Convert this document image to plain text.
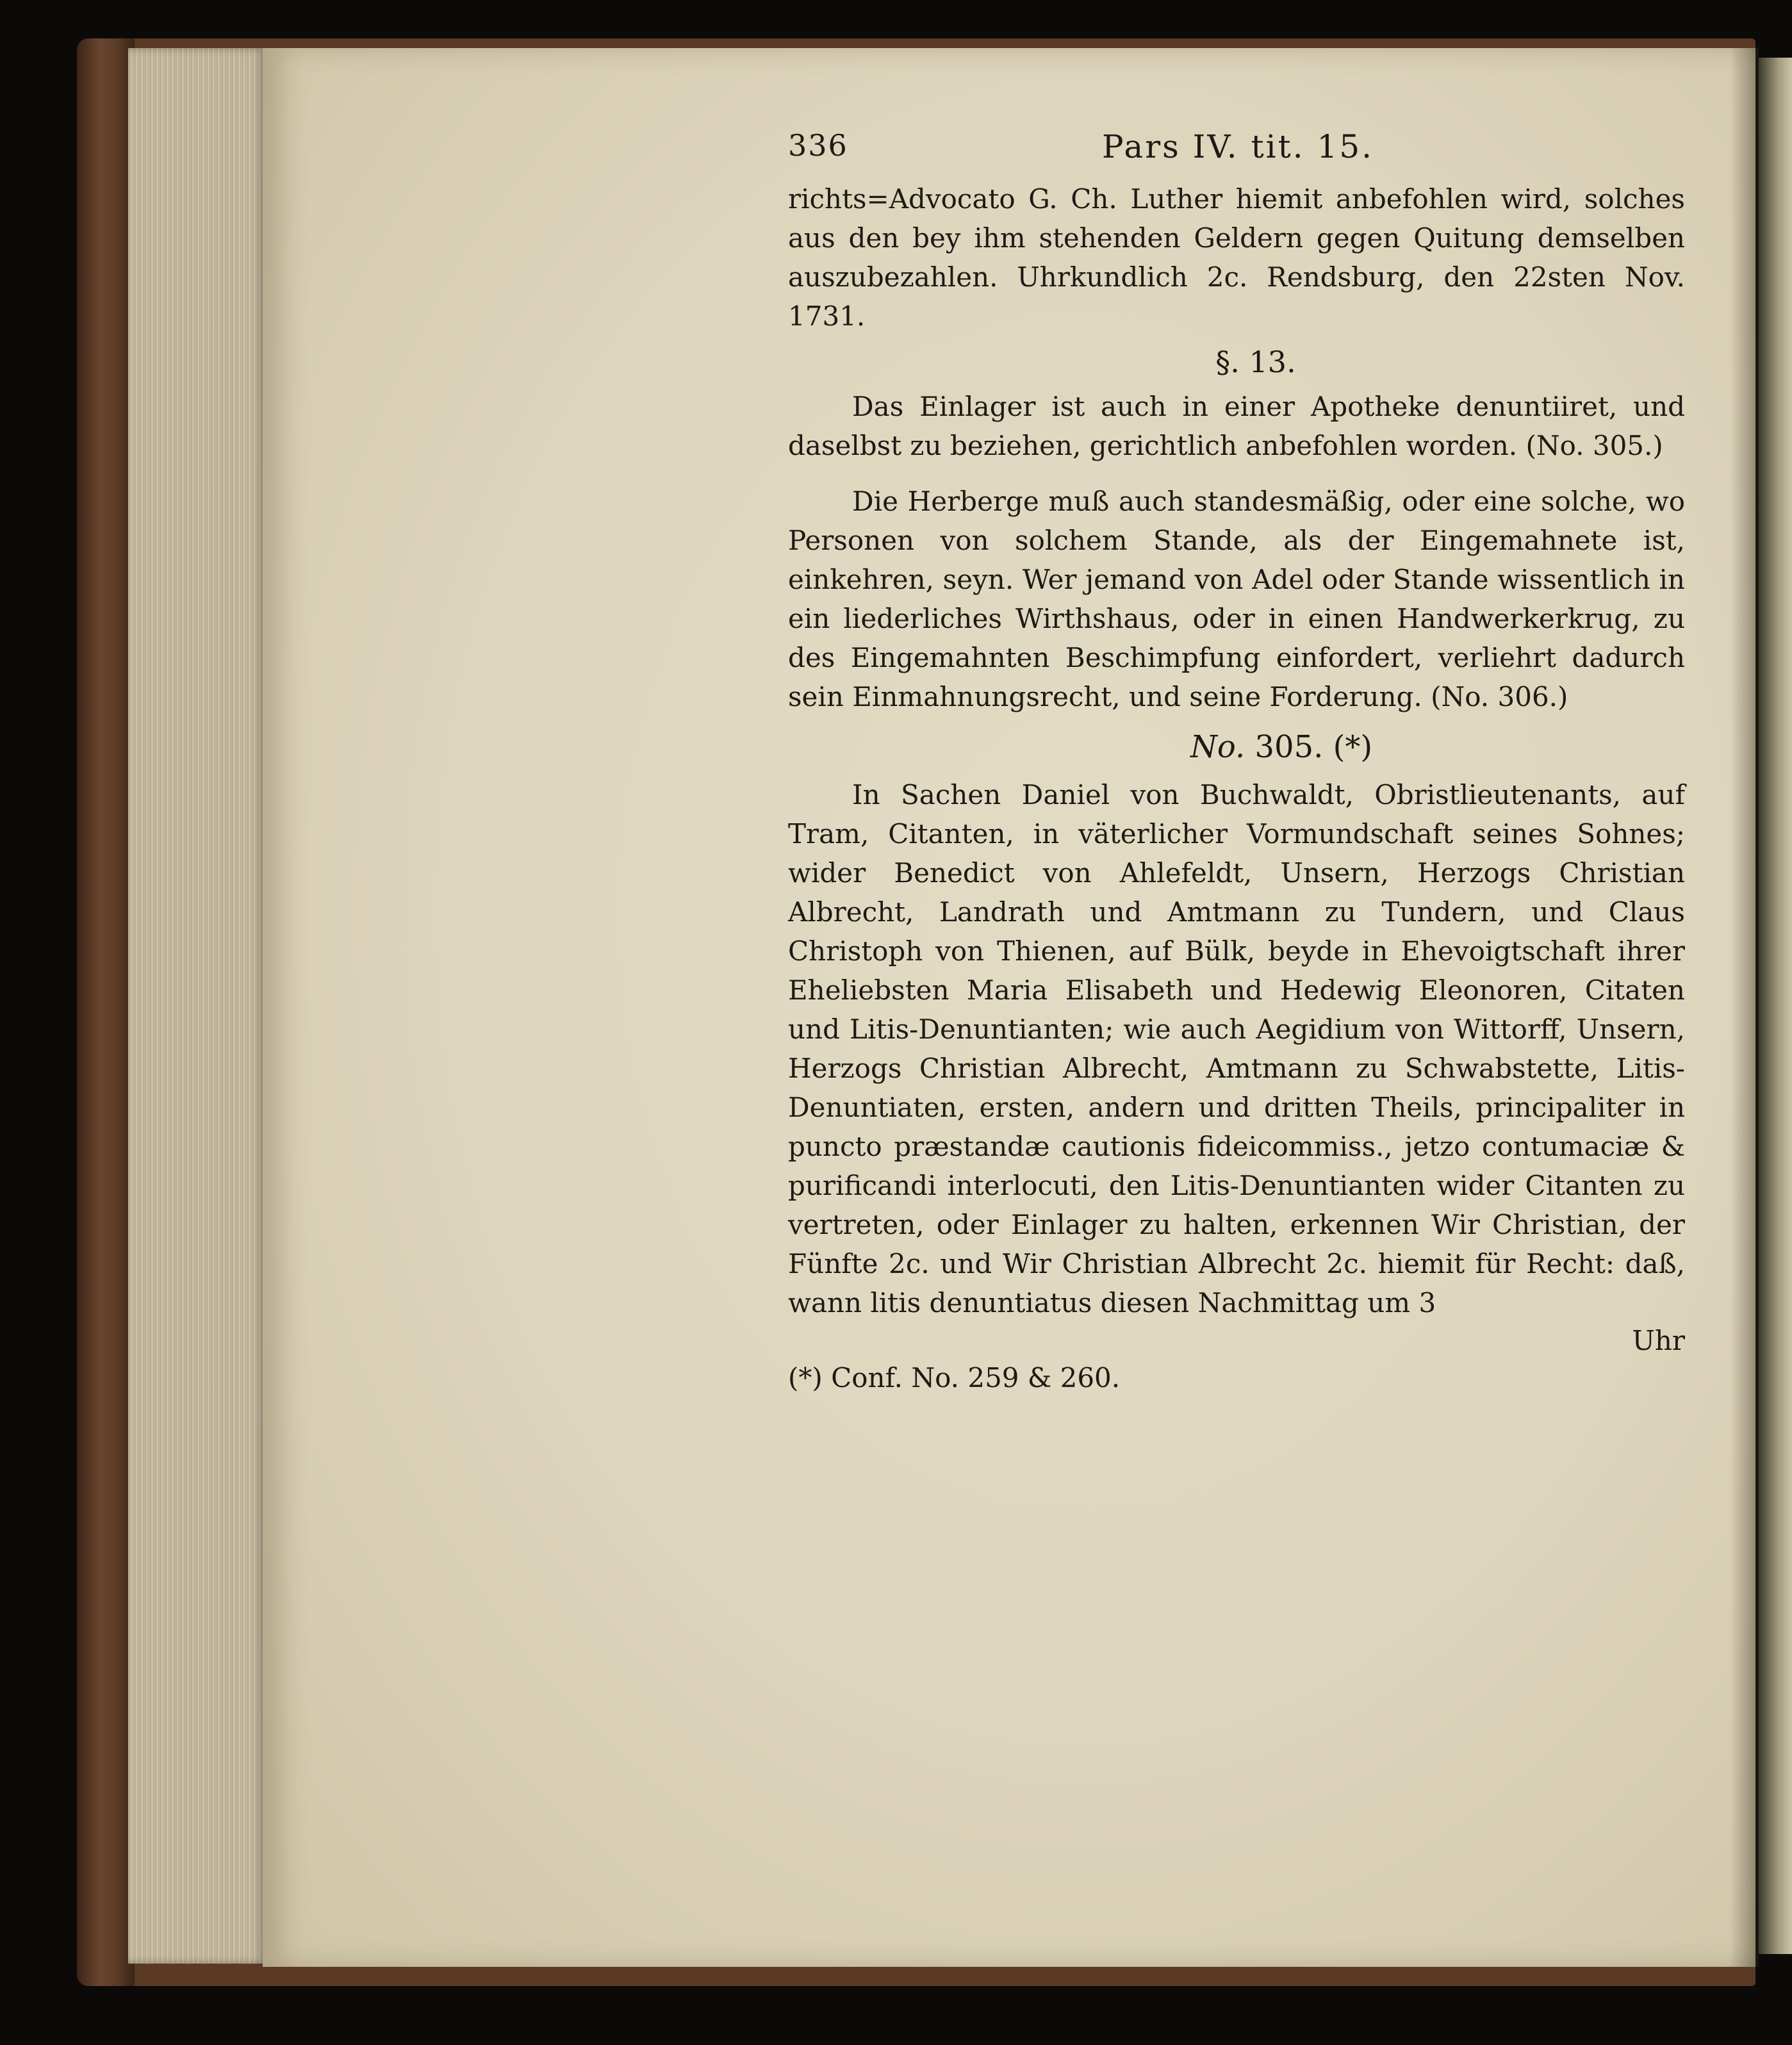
336	Pars IV. tit. 15.

richts=Advocato G. Ch. Luther hiemit anbefohlen wird, solches aus den bey ihm stehenden Geldern gegen Quitung demselben auszubezahlen. Uhrkundlich 2c. Rendsburg, den 22sten Nov. 1731.

§. 13.

Das Einlager ist auch in einer Apotheke denuntiiret, und daselbst zu beziehen, gerichtlich anbefohlen worden. (No. 305.)

Die Herberge muß auch standesmäßig, oder eine solche, wo Personen von solchem Stande, als der Eingemahnete ist, einkehren, seyn. Wer jemand von Adel oder Stande wissentlich in ein liederliches Wirthshaus, oder in einen Handwerkerkrug, zu des Eingemahnten Beschimpfung einfordert, verliehrt dadurch sein Einmahnungsrecht, und seine Forderung. (No. 306.)

No. 305. (*)

In Sachen Daniel von Buchwaldt, Obristlieutenants, auf Tram, Citanten, in väterlicher Vormundschaft seines Sohnes; wider Benedict von Ahlefeldt, Unsern, Herzogs Christian Albrecht, Landrath und Amtmann zu Tundern, und Claus Christoph von Thienen, auf Bülk, beyde in Ehevoigtschaft ihrer Eheliebsten Maria Elisabeth und Hedewig Eleonoren, Citaten und Litis-Denuntianten; wie auch Aegidium von Wittorff, Unsern, Herzogs Christian Albrecht, Amtmann zu Schwabstette, Litis-Denuntiaten, ersten, andern und dritten Theils, principaliter in puncto præstandæ cautionis fideicommiss., jetzo contumaciæ & purificandi interlocuti, den Litis-Denuntianten wider Citanten zu vertreten, oder Einlager zu halten, erkennen Wir Christian, der Fünfte 2c. und Wir Christian Albrecht 2c. hiemit für Recht: daß, wann litis denuntiatus diesen Nachmittag um 3

Uhr

(*) Conf. No. 259 & 260.
